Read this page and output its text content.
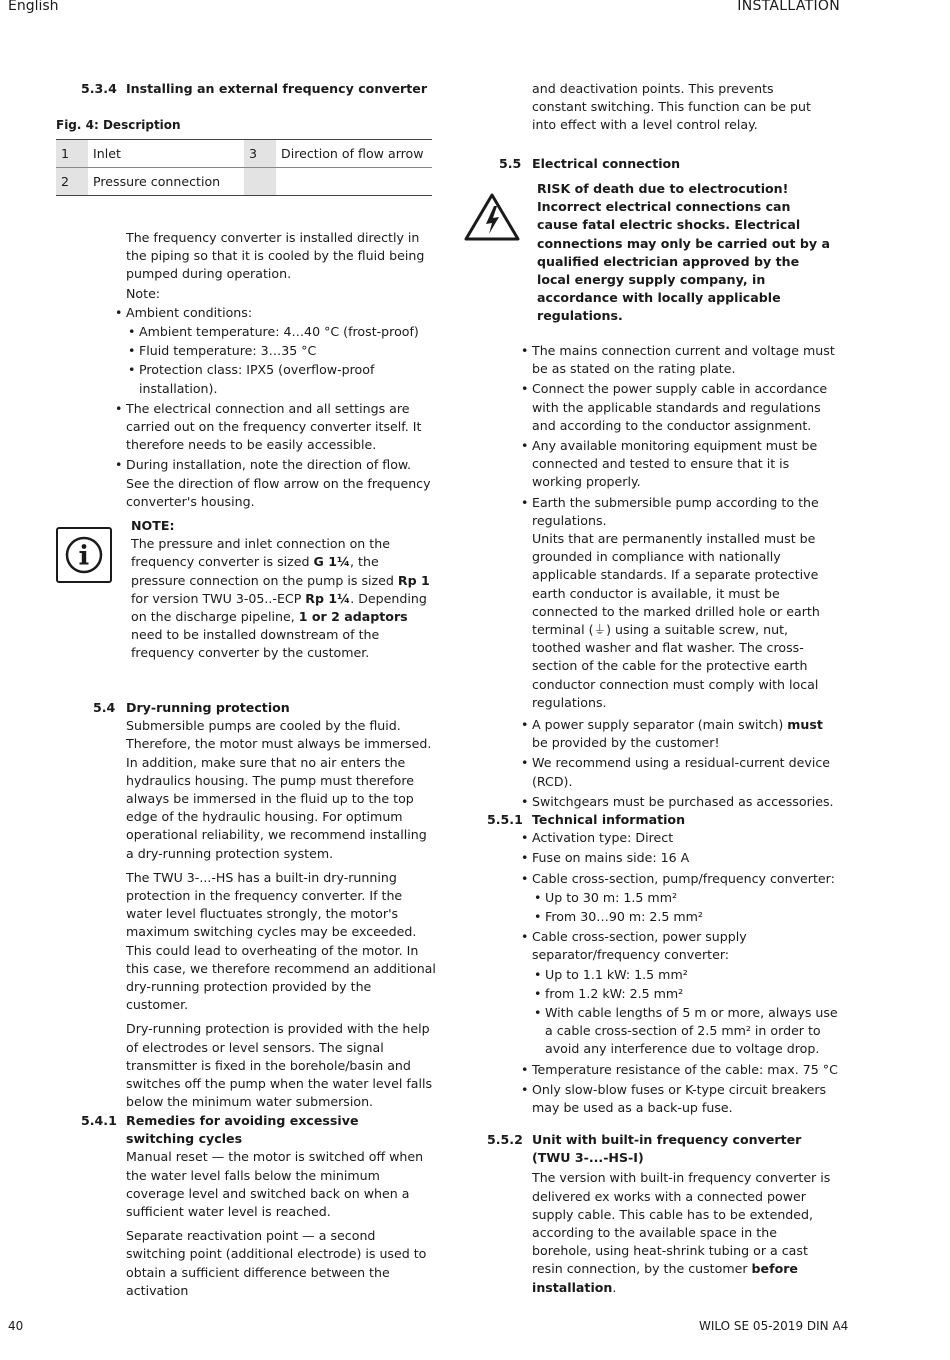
English	INSTALLATION
40	WILO SE 05-2019 DIN A4
5.3.4 Installing an external frequency converter
Fig. 4: Description
1	Inlet	3	Direction of flow arrow
2	Pressure connection		

The frequency converter is installed directly in the piping so that it is cooled by the fluid being pumped during operation.

Note:

• Ambient conditions:
• Ambient temperature: 4…40 °C (frost-proof)
• Fluid temperature: 3…35 °C
• Protection class: IPX5 (overflow-proof installation).
• The electrical connection and all settings are carried out on the frequency converter itself. It therefore needs to be easily accessible.
• During installation, note the direction of flow. See the direction of flow arrow on the frequency converter's housing.

NOTE:

The pressure and inlet connection on the frequency converter is sized G 1¼, the pressure connection on the pump is sized Rp 1 for version TWU 3-05..-ECP Rp 1¼. Depending on the discharge pipeline, 1 or 2 adaptors need to be installed downstream of the frequency converter by the customer.

5.4 Dry-running protection

Submersible pumps are cooled by the fluid. Therefore, the motor must always be immersed. In addition, make sure that no air enters the hydraulics housing. The pump must therefore always be immersed in the fluid up to the top edge of the hydraulic housing. For optimum operational reliability, we recommend installing a dry-running protection system.

The TWU 3-...-HS has a built-in dry-running protection in the frequency converter. If the water level fluctuates strongly, the motor's maximum switching cycles may be exceeded. This could lead to overheating of the motor. In this case, we therefore recommend an additional dry-running protection provided by the customer.

Dry-running protection is provided with the help of electrodes or level sensors. The signal transmitter is fixed in the borehole/basin and switches off the pump when the water level falls below the minimum water submersion.

5.4.1 Remedies for avoiding excessive switching cycles

Manual reset — the motor is switched off when the water level falls below the minimum coverage level and switched back on when a sufficient water level is reached.

Separate reactivation point — a second switching point (additional electrode) is used to obtain a sufficient difference between the activation

and deactivation points. This prevents constant switching. This function can be put into effect with a level control relay.

5.5 Electrical connection

RISK of death due to electrocution! Incorrect electrical connections can cause fatal electric shocks. Electrical connections may only be carried out by a qualified electrician approved by the local energy supply company, in accordance with locally applicable regulations.

• The mains connection current and voltage must be as stated on the rating plate.
• Connect the power supply cable in accordance with the applicable standards and regulations and according to the conductor assignment.
• Any available monitoring equipment must be connected and tested to ensure that it is working properly.
• Earth the submersible pump according to the regulations.
Units that are permanently installed must be grounded in compliance with nationally applicable standards. If a separate protective earth conductor is available, it must be connected to the marked drilled hole or earth terminal (⏚) using a suitable screw, nut, toothed washer and flat washer. The cross-section of the cable for the protective earth conductor connection must comply with local regulations.
• A power supply separator (main switch) must be provided by the customer!
• We recommend using a residual-current device (RCD).
• Switchgears must be purchased as accessories.
5.5.1 Technical information
• Activation type: Direct
• Fuse on mains side: 16 A
• Cable cross-section, pump/frequency converter:
• Up to 30 m: 1.5 mm²
• From 30…90 m: 2.5 mm²
• Cable cross-section, power supply separator/frequency converter:
• Up to 1.1 kW: 1.5 mm²
• from 1.2 kW: 2.5 mm²
• With cable lengths of 5 m or more, always use a cable cross-section of 2.5 mm² in order to avoid any interference due to voltage drop.
• Temperature resistance of the cable: max. 75 °C
• Only slow-blow fuses or K-type circuit breakers may be used as a back-up fuse.
5.5.2 Unit with built-in frequency converter (TWU 3-...-HS-I)

The version with built-in frequency converter is delivered ex works with a connected power supply cable. This cable has to be extended, according to the available space in the borehole, using heat-shrink tubing or a cast resin connection, by the customer before installation.
